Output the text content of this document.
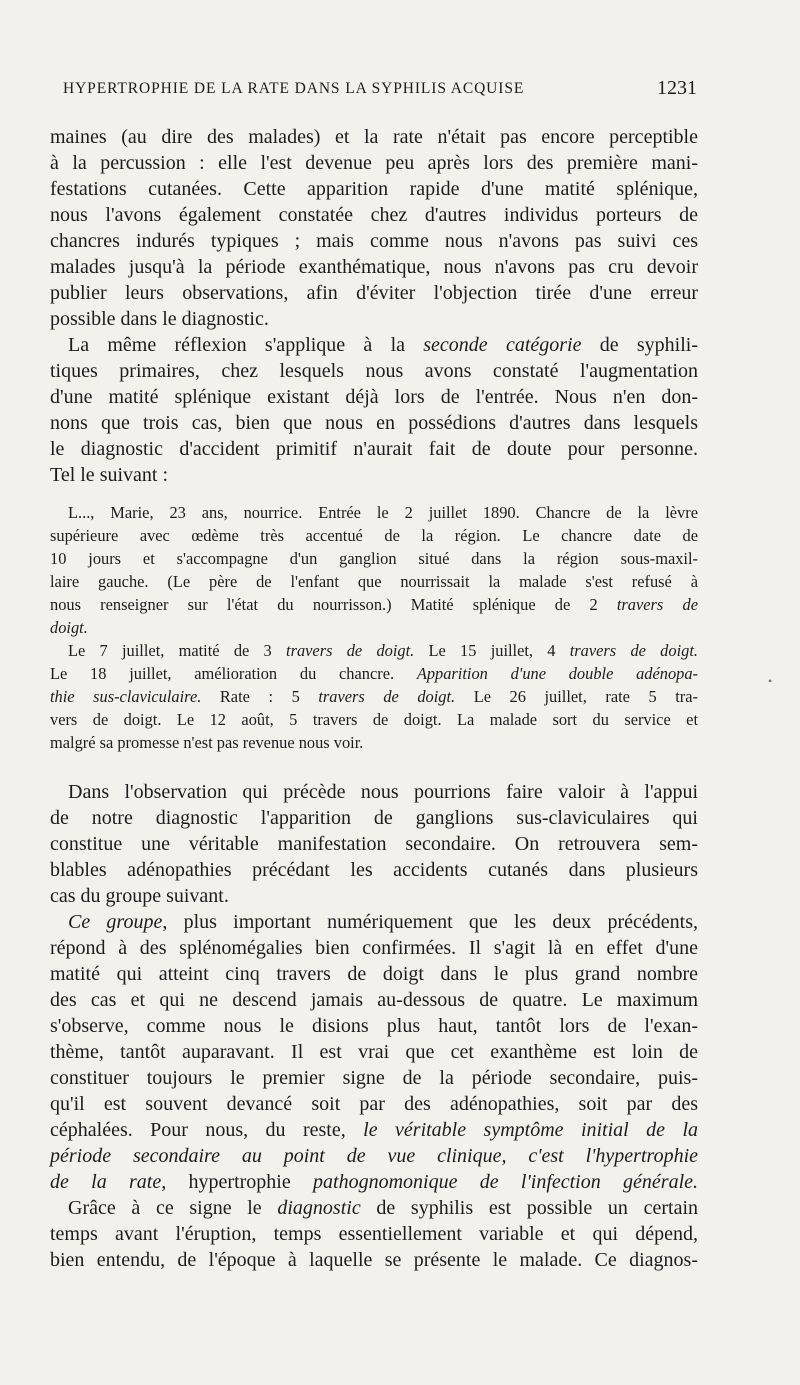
HYPERTROPHIE DE LA RATE DANS LA SYPHILIS ACQUISE	1231
maines (au dire des malades) et la rate n'était pas encore perceptible
à la percussion : elle l'est devenue peu après lors des première mani-
festations cutanées. Cette apparition rapide d'une matité splénique,
nous l'avons également constatée chez d'autres individus porteurs de
chancres indurés typiques ; mais comme nous n'avons pas suivi ces
malades jusqu'à la période exanthématique, nous n'avons pas cru devoir
publier leurs observations, afin d'éviter l'objection tirée d'une erreur
possible dans le diagnostic.
La même réflexion s'applique à la seconde catégorie de syphili-
tiques primaires, chez lesquels nous avons constaté l'augmentation
d'une matité splénique existant déjà lors de l'entrée. Nous n'en don-
nons que trois cas, bien que nous en possédions d'autres dans lesquels
le diagnostic d'accident primitif n'aurait fait de doute pour personne.
Tel le suivant :
L..., Marie, 23 ans, nourrice. Entrée le 2 juillet 1890. Chancre de la lèvre
supérieure avec œdème très accentué de la région. Le chancre date de
10 jours et s'accompagne d'un ganglion situé dans la région sous-maxil-
laire gauche. (Le père de l'enfant que nourrissait la malade s'est refusé à
nous renseigner sur l'état du nourrisson.) Matité splénique de 2 travers de
doigt.
Le 7 juillet, matité de 3 travers de doigt. Le 15 juillet, 4 travers de doigt.
Le 18 juillet, amélioration du chancre. Apparition d'une double adénopa-
thie sus-claviculaire. Rate : 5 travers de doigt. Le 26 juillet, rate 5 tra-
vers de doigt. Le 12 août, 5 travers de doigt. La malade sort du service et
malgré sa promesse n'est pas revenue nous voir.
Dans l'observation qui précède nous pourrions faire valoir à l'appui
de notre diagnostic l'apparition de ganglions sus-claviculaires qui
constitue une véritable manifestation secondaire. On retrouvera sem-
blables adénopathies précédant les accidents cutanés dans plusieurs
cas du groupe suivant.
Ce groupe, plus important numériquement que les deux précédents,
répond à des splénomégalies bien confirmées. Il s'agit là en effet d'une
matité qui atteint cinq travers de doigt dans le plus grand nombre
des cas et qui ne descend jamais au-dessous de quatre. Le maximum
s'observe, comme nous le disions plus haut, tantôt lors de l'exan-
thème, tantôt auparavant. Il est vrai que cet exanthème est loin de
constituer toujours le premier signe de la période secondaire, puis-
qu'il est souvent devancé soit par des adénopathies, soit par des
céphalées. Pour nous, du reste, le véritable symptôme initial de la
période secondaire au point de vue clinique, c'est l'hypertrophie
de la rate, hypertrophie pathognomonique de l'infection générale.
Grâce à ce signe le diagnostic de syphilis est possible un certain
temps avant l'éruption, temps essentiellement variable et qui dépend,
bien entendu, de l'époque à laquelle se présente le malade. Ce diagnos-
•
